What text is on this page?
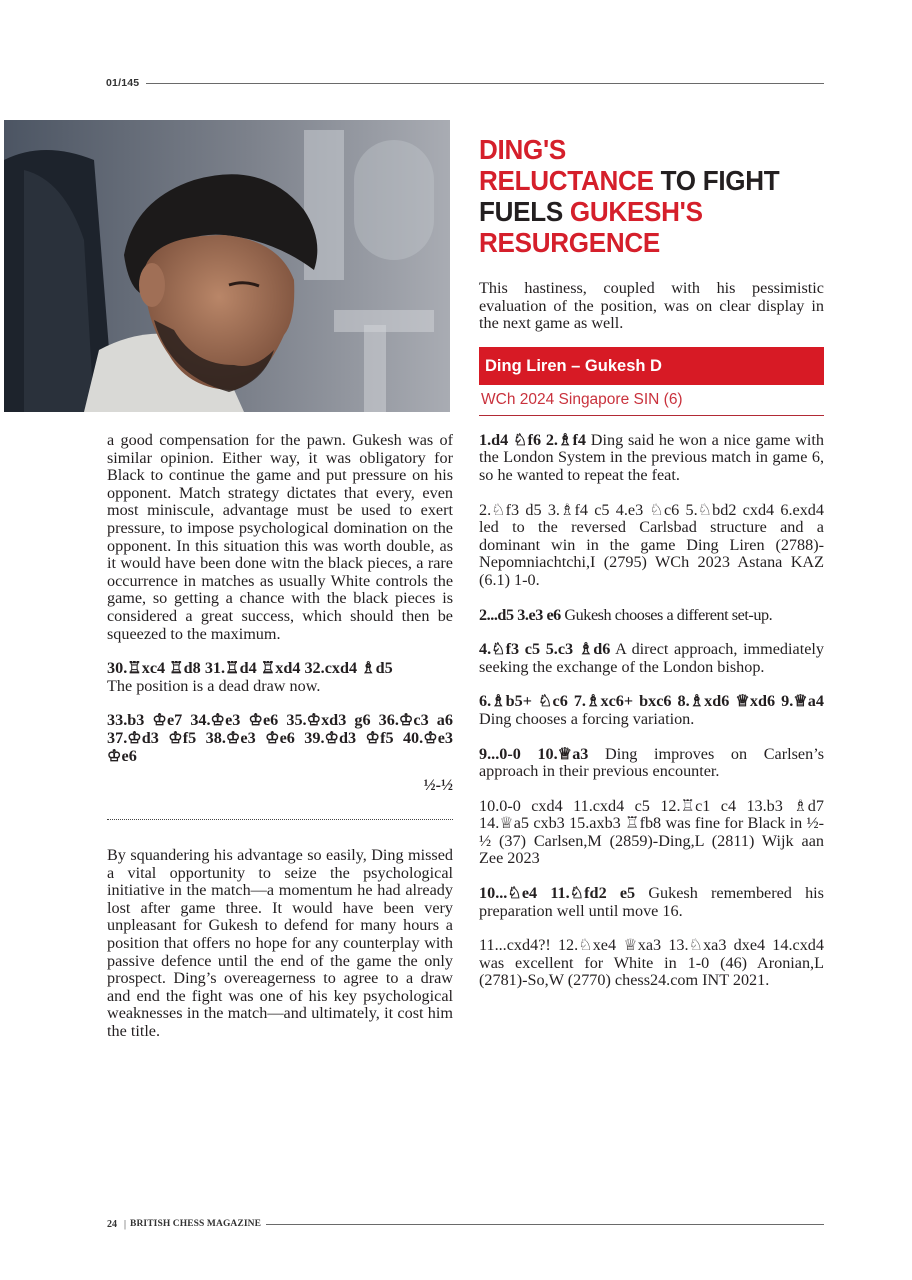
01/145

a good compensation for the pawn. Gukesh was of similar opinion. Either way, it was obligatory for Black to continue the game and put pressure on his opponent. Match strategy dictates that every, even most miniscule, advantage must be used to exert pressure, to impose psychological domination on the opponent. In this situation this was worth double, as it would have been done witn the black pieces, a rare occurrence in matches as usually White controls the game, so getting a chance with the black pieces is considered a great success, which should then be squeezed to the maximum.

30.♖xc4 ♖d8 31.♖d4 ♖xd4 32.cxd4 ♗d5
The position is a dead draw now.

33.b3 ♔e7 34.♔e3 ♔e6 35.♔xd3 g6 36.♔c3 a6 37.♔d3 ♔f5 38.♔e3 ♔e6 39.♔d3 ♔f5 40.♔e3 ♔e6

½-½

By squandering his advantage so easily, Ding missed a vital opportunity to seize the psychological initiative in the match—a momentum he had already lost after game three. It would have been very unpleasant for Gukesh to defend for many hours a position that offers no hope for any counterplay with passive defence until the end of the game the only prospect. Ding’s overeagerness to agree to a draw and end the fight was one of his key psychological weaknesses in the match—and ultimately, it cost him the title.

DING'S
RELUCTANCE TO FIGHT
FUELS GUKESH'S
RESURGENCE

This hastiness, coupled with his pessimistic evaluation of the position, was on clear display in the next game as well.

Ding Liren – Gukesh D
WCh 2024 Singapore SIN (6)

1.d4 ♘f6 2.♗f4 Ding said he won a nice game with the London System in the previous match in game 6, so he wanted to repeat the feat.

2.♘f3 d5 3.♗f4 c5 4.e3 ♘c6 5.♘bd2 cxd4 6.exd4 led to the reversed Carlsbad structure and a dominant win in the game Ding Liren (2788)-Nepomniachtchi,I (2795) WCh 2023 Astana KAZ (6.1) 1-0.

2...d5 3.e3 e6 Gukesh chooses a different set-up.

4.♘f3 c5 5.c3 ♗d6 A direct approach, immediately seeking the exchange of the London bishop.

6.♗b5+ ♘c6 7.♗xc6+ bxc6 8.♗xd6 ♕xd6 9.♕a4 Ding chooses a forcing variation.

9...0-0 10.♕a3 Ding improves on Carlsen’s approach in their previous encounter.

10.0-0 cxd4 11.cxd4 c5 12.♖c1 c4 13.b3 ♗d7 14.♕a5 cxb3 15.axb3 ♖fb8 was fine for Black in ½-½ (37) Carlsen,M (2859)-Ding,L (2811) Wijk aan Zee 2023

10...♘e4 11.♘fd2 e5 Gukesh remembered his preparation well until move 16.

11...cxd4?! 12.♘xe4 ♕xa3 13.♘xa3 dxe4 14.cxd4 was excellent for White in 1-0 (46) Aronian,L (2781)-So,W (2770) chess24.com INT 2021.

24 | BRITISH CHESS MAGAZINE
